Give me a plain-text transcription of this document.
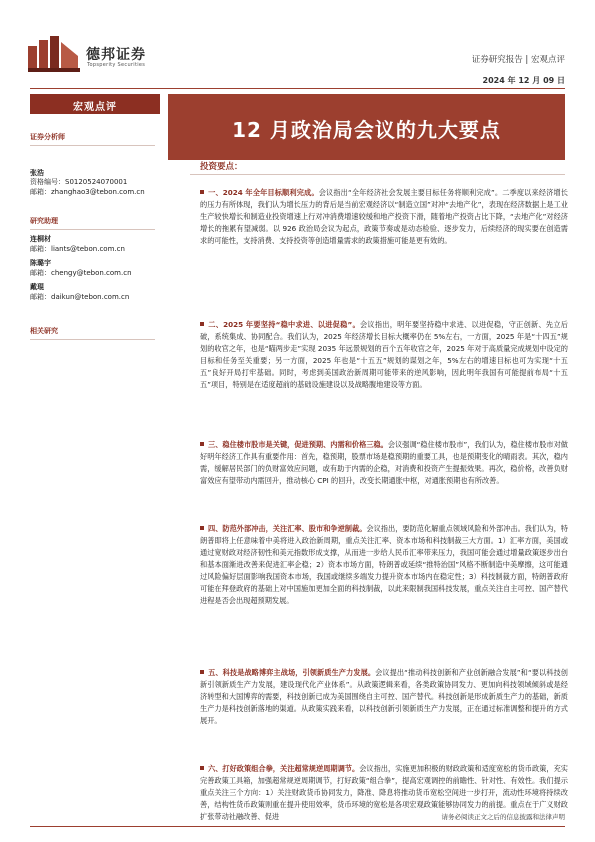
德邦证券
Topsperity Securities	证券研究报告 | 宏观点评
2024 年 12 月 09 日
宏观点评
12 月政治局会议的九大要点
证券分析师
张浩
资格编号：S0120524070001
邮箱：zhanghao3@tebon.com.cn
研究助理
连桐材
邮箱：liants@tebon.com.cn
陈璐宇
邮箱：chengy@tebon.com.cn
戴琨
邮箱：daikun@tebon.com.cn
相关研究
投资要点：
一、2024 年全年目标顺利完成。会议指出“全年经济社会发展主要目标任务将顺利完成”。二季度以来经济增长的压力有所体现，我们认为增长压力的背后是当前宏观经济以“制造立国”对冲“去地产化”，表现在经济数据上是工业生产较快增长和制造业投资增速上行对冲消费增速较缓和地产投资下滑，随着地产投资占比下降，“去地产化”对经济增长的拖累有望减弱。以 926 政治局会议为起点，政策节奏或是动态检验、逐步发力，后续经济的现实要在创造需求的可能性，支持消费、支持投资等创造增量需求的政策措施可能是更有效的。
二、2025 年要坚持“稳中求进、以进促稳”。会议指出，明年要坚持稳中求进、以进促稳，守正创新、先立后破，系统集成、协同配合。我们认为，2025 年经济增长目标大概率仍在 5%左右，一方面，2025 年是“十四五”规划的收官之年，也是“瞄两步走”实现 2035 年远景规划的百个五年收官之年，2025 年对于高质量完成规划中设定的目标和任务至关重要；另一方面，2025 年也是“十五五”规划的谋划之年，5%左右的增速目标也可为实现“十五五”良好开局打牢基础。同时，考虑到美国政治新周期可能带来的逆风影响，因此明年我国有可能提前布局“十五五”项目，特别是在适度超前的基础设施建设以及战略腹地建设等方面。
三、稳住楼市股市是关键，促进预期、内需和价格三稳。会议强调“稳住楼市股市”，我们认为，稳住楼市股市对做好明年经济工作具有重要作用：首先，稳预期，股票市场是稳预期的重要工具，也是预期变化的晴雨表。其次，稳内需，缓解居民部门的负财富效应问题，或有助于内需的企稳，对消费和投资产生提振效果。再次，稳价格，改善负财富效应有望带动内需回升，推动核心 CPI 的回升，改变长期通胀中枢，对通胀预期也有所改善。
四、防范外部冲击，关注汇率、股市和争逆制裁。会议指出，要防范化解重点领域风险和外部冲击。我们认为，特朗普即将上任意味着中美将进入政治新周期，重点关注汇率、资本市场和科技制裁三大方面。1）汇率方面，美国或通过宽财政对经济韧性和美元指数形成支撑，从而进一步给人民币汇率带来压力，我国可能会通过增量政策逐步出台和基本面渐进改善来促进汇率企稳；2）资本市场方面，特朗普或延续“推特治国”风格不断制造中美摩擦，这可能通过风险偏好层面影响我国资本市场，我国或继续多端发力提升资本市场内在稳定性；3）科技制裁方面，特朗普政府可能在拜登政府的基础上对中国施加更加全面的科技制裁，以此来限制我国科技发展，重点关注自主可控、国产替代进程是否会出现超预期发展。
五、科技是战略博弈主战场，引领新质生产力发展。会议提出“推动科技创新和产业创新融合发展”和“要以科技创新引领新质生产力发展，建设现代化产业体系”。从政策逻辑来看，各类政策协同发力、更加向科技领域倾斜或是经济转型和大国博弈的需要，科技创新已成为美国围绕自主可控、国产替代。科技创新是形成新质生产力的基础，新质生产力是科技创新落地的渠道。从政策实践来看，以科技创新引领新质生产力发展，正在通过标准调整和提升的方式展开。
六、打好政策组合拳，关注超常规逆周期调节。会议指出，实施更加积极的财政政策和适度宽松的货币政策，充实完善政策工具箱，加强超常规逆周期调节，打好政策“组合拳”，提高宏观调控的前瞻性、针对性、有效性。我们提示重点关注三个方向：1）关注财政货币协同发力，降准、降息将推动货币宽松空间进一步打开，流动性环境将持续改善，结构性货币政策则重在提升使用效率，货币环境的宽松是各项宏观政策能够协同发力的前提。重点在于广义财政扩张带动社融改善、促进	请务必阅读正文之后的信息披露和法律声明
